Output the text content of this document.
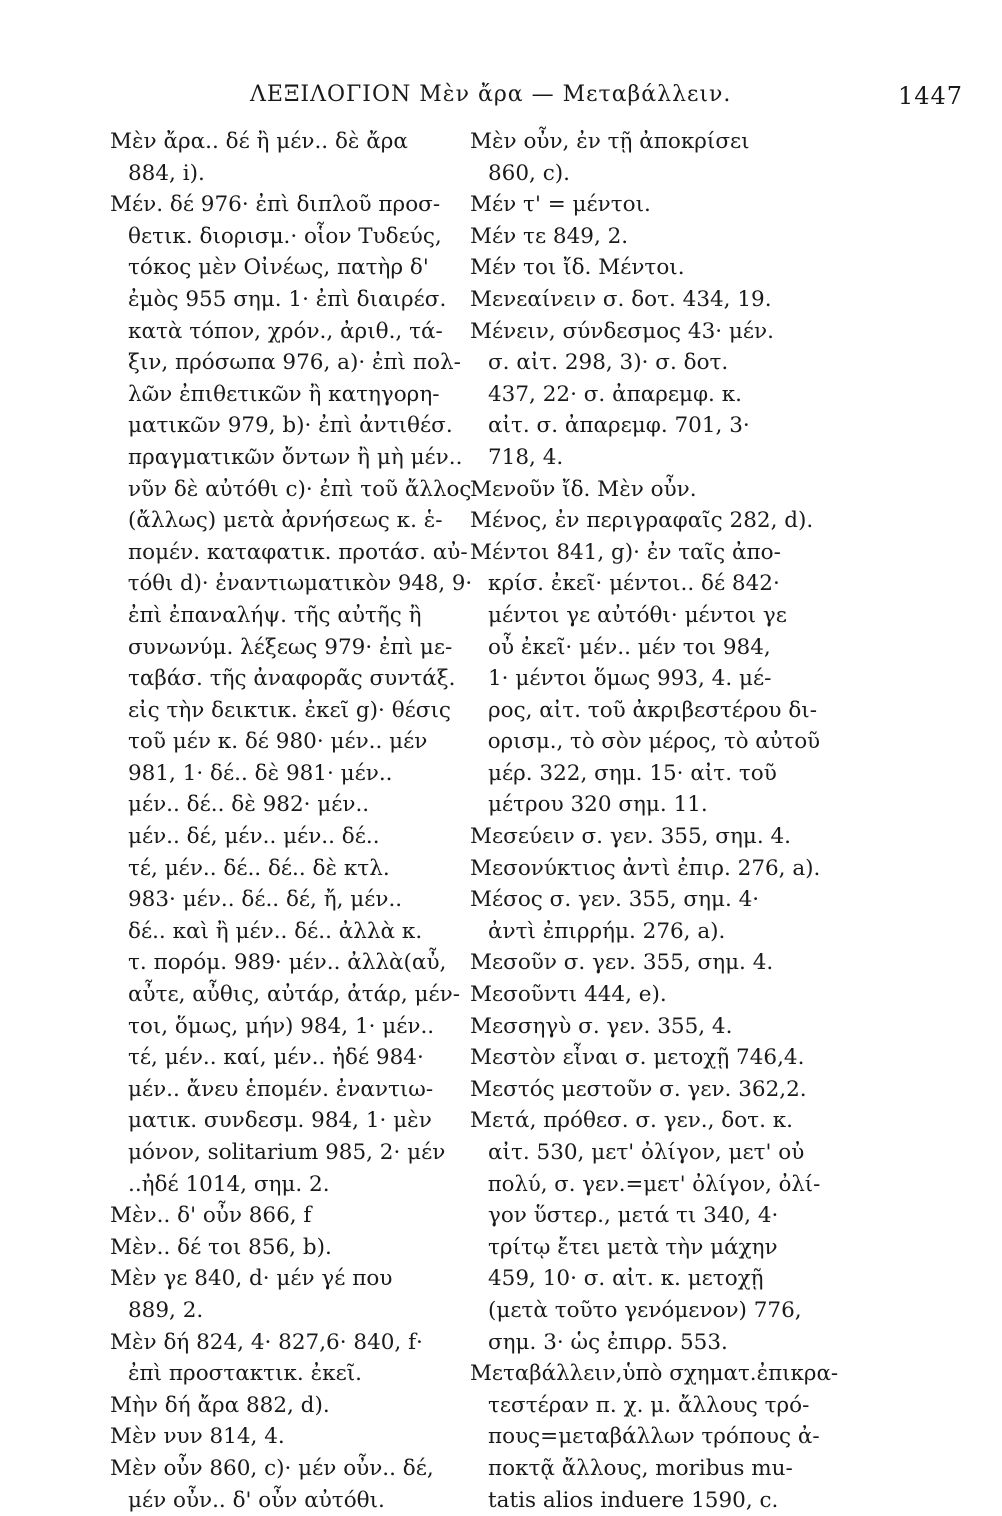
ΛΕΞΙΛΟΓΙΟΝ Μὲν ἄρα — Μεταβάλλειν.	1447
Μὲν ἄρα.. δέ ἢ μέν.. δὲ ἄρα
884, i).
Μέν. δέ 976· ἐπὶ διπλοῦ προσ-
θετικ. διορισμ.· οἷον Τυδεύς,
τόκος μὲν Οἰνέως, πατὴρ δ'
ἐμὸς 955 σημ. 1· ἐπὶ διαιρέσ.
κατὰ τόπον, χρόν., ἀριθ., τά-
ξιν, πρόσωπα 976, a)· ἐπὶ πολ-
λῶν ἐπιθετικῶν ἢ κατηγορη-
ματικῶν 979, b)· ἐπὶ ἀντιθέσ.
πραγματικῶν ὄντων ἢ μὴ μέν..
νῦν δὲ αὐτόθι c)· ἐπὶ τοῦ ἄλλος
(ἄλλως) μετὰ ἀρνήσεως κ. ἑ-
πομέν. καταφατικ. προτάσ. αὐ-
τόθι d)· ἐναντιωματικὸν 948, 9·
ἐπὶ ἐπαναλήψ. τῆς αὐτῆς ἢ
συνωνύμ. λέξεως 979· ἐπὶ με-
ταβάσ. τῆς ἀναφορᾶς συντάξ.
εἰς τὴν δεικτικ. ἐκεῖ g)· θέσις
τοῦ μέν κ. δέ 980· μέν.. μέν
981, 1· δέ.. δὲ 981· μέν..
μέν.. δέ.. δὲ 982· μέν..
μέν.. δέ, μέν.. μέν.. δέ..
τέ, μέν.. δέ.. δέ.. δὲ κτλ.
983· μέν.. δέ.. δέ, ἤ, μέν..
δέ.. καὶ ἢ μέν.. δέ.. ἀλλὰ κ.
τ. πορόμ. 989· μέν.. ἀλλὰ(αὖ,
αὖτε, αὖθις, αὐτάρ, ἀτάρ, μέν-
τοι, ὅμως, μήν) 984, 1· μέν..
τέ, μέν.. καί, μέν.. ἠδέ 984·
μέν.. ἄνευ ἑπομέν. ἐναντιω-
ματικ. συνδεσμ. 984, 1· μὲν
μόνον, solitarium 985, 2· μέν
..ἠδέ 1014, σημ. 2.
Μὲν.. δ' οὖν 866, f
Μὲν.. δέ τοι 856, b).
Μὲν γε 840, d· μέν γέ που
889, 2.
Μὲν δή 824, 4· 827,6· 840, f·
ἐπὶ προστακτικ. ἐκεῖ.
Μὴν δή ἄρα 882, d).
Μὲν νυν 814, 4.
Μὲν οὖν 860, c)· μέν οὖν.. δέ,
μέν οὖν.. δ' οὖν αὐτόθι.
Μὲν οὖν, ἐν τῇ ἀποκρίσει
860, c).
Μέν τ' = μέντοι.
Μέν τε 849, 2.
Μέν τοι ἴδ. Μέντοι.
Μενεαίνειν σ. δοτ. 434, 19.
Μένειν, σύνδεσμος 43· μέν.
σ. αἰτ. 298, 3)· σ. δοτ.
437, 22· σ. ἀπαρεμφ. κ.
αἰτ. σ. ἀπαρεμφ. 701, 3·
718, 4.
Μενοῦν ἴδ. Μὲν οὖν.
Μένος, ἐν περιγραφαῖς 282, d).
Μέντοι 841, g)· ἐν ταῖς ἀπο-
κρίσ. ἐκεῖ· μέντοι.. δέ 842·
μέντοι γε αὐτόθι· μέντοι γε
οὖ ἐκεῖ· μέν.. μέν τοι 984,
1· μέντοι ὅμως 993, 4. μέ-
ρος, αἰτ. τοῦ ἀκριβεστέρου δι-
ορισμ., τὸ σὸν μέρος, τὸ αὐτοῦ
μέρ. 322, σημ. 15· αἰτ. τοῦ
μέτρου 320 σημ. 11.
Μεσεύειν σ. γεν. 355, σημ. 4.
Μεσονύκτιος ἀντὶ ἐπιρ. 276, a).
Μέσος σ. γεν. 355, σημ. 4·
ἀντὶ ἐπιρρήμ. 276, a).
Μεσοῦν σ. γεν. 355, σημ. 4.
Μεσοῦντι 444, e).
Μεσσηγὺ σ. γεν. 355, 4.
Μεστὸν εἶναι σ. μετοχῇ 746,4.
Μεστός μεστοῦν σ. γεν. 362,2.
Μετά, πρόθεσ. σ. γεν., δοτ. κ.
αἰτ. 530, μετ' ὀλίγον, μετ' οὐ
πολύ, σ. γεν.=μετ' ὀλίγον, ὀλί-
γον ὕστερ., μετά τι 340, 4·
τρίτῳ ἔτει μετὰ τὴν μάχην
459, 10· σ. αἰτ. κ. μετοχῇ
(μετὰ τοῦτο γενόμενον) 776,
σημ. 3· ὡς ἐπιρρ. 553.
Μεταβάλλειν,ὑπὸ σχηματ.ἐπικρα-
τεστέραν π. χ. μ. ἄλλους τρό-
πους=μεταβάλλων τρόπους ἀ-
ποκτᾷ ἄλλους, moribus mu-
tatis alios induere 1590, c.
